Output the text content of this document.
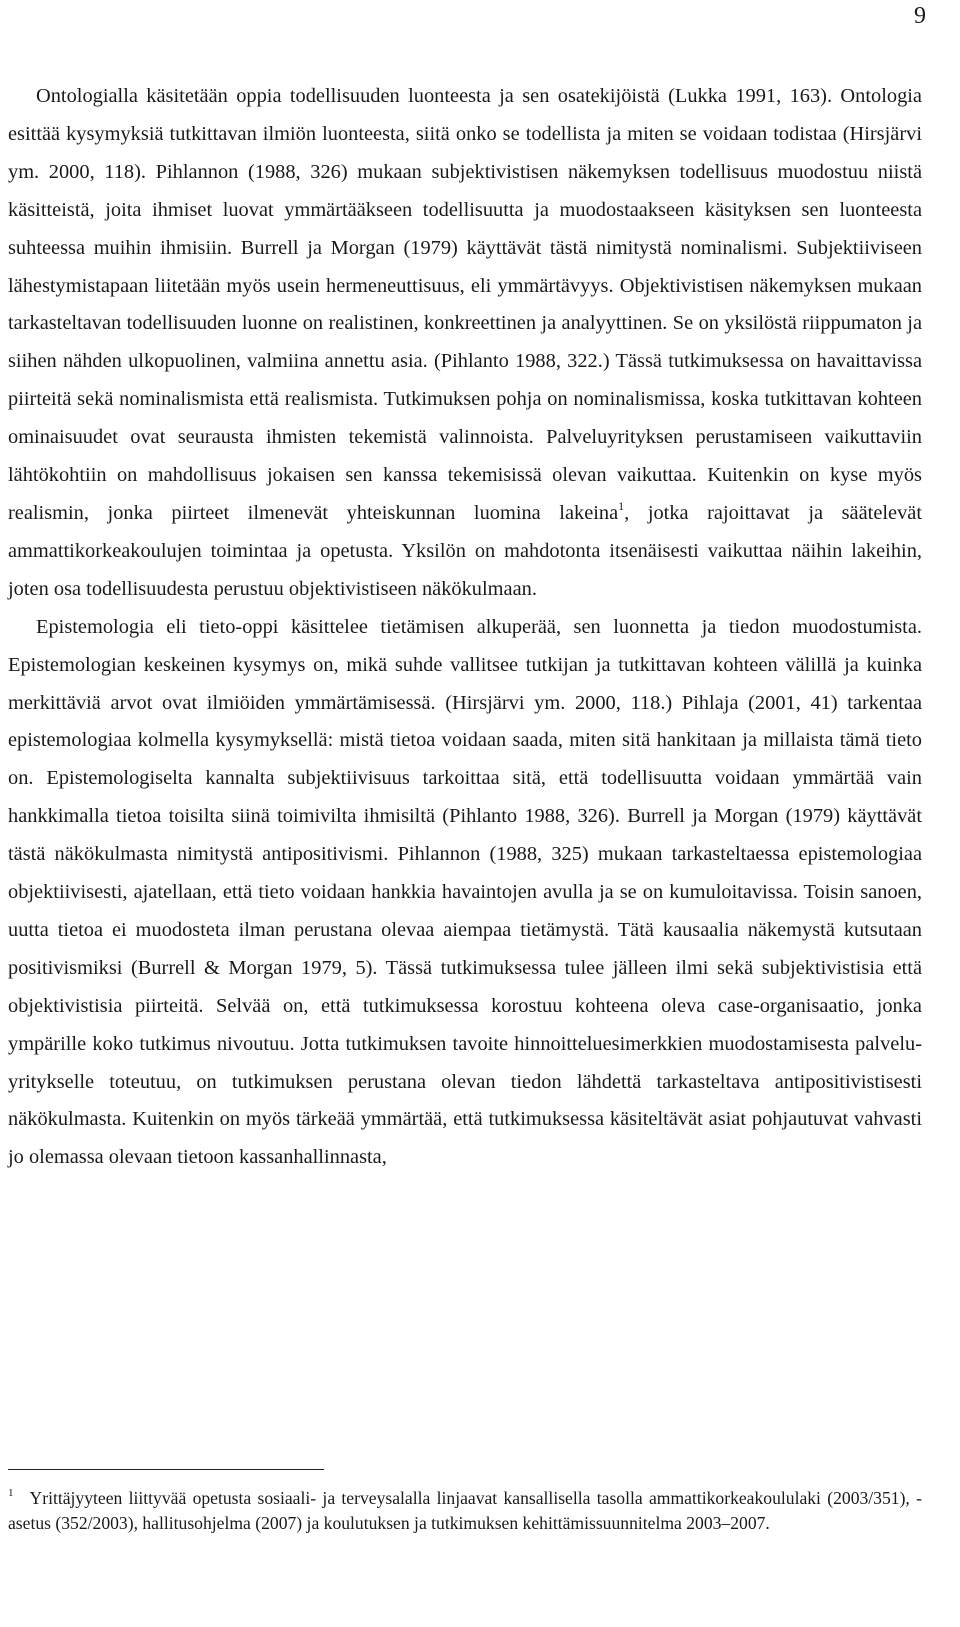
9

Ontologialla käsitetään oppia todellisuuden luonteesta ja sen osatekijöistä (Lukka 1991, 163). Ontologia esittää kysymyksiä tutkittavan ilmiön luonteesta, siitä onko se todellista ja miten se voidaan todistaa (Hirsjärvi ym. 2000, 118). Pihlannon (1988, 326) mukaan subjektivistisen näkemyksen todellisuus muodostuu niistä käsitteistä, joita ihmiset luovat ymmärtääkseen todellisuutta ja muodostaakseen käsityksen sen luonteesta suhteessa muihin ihmisiin. Burrell ja Morgan (1979) käyttävät tästä nimitystä nominalismi. Subjektiiviseen lähestymistapaan liitetään myös usein hermeneuttisuus, eli ymmärtävyys. Objektivistisen näkemyksen mukaan tarkasteltavan todellisuuden luonne on realistinen, konkreettinen ja analyyttinen. Se on yksilöstä riippumaton ja siihen nähden ulkopuolinen, valmiina annettu asia. (Pihlanto 1988, 322.) Tässä tutkimuksessa on havaittavissa piirteitä sekä nominalismista että realismista. Tutkimuksen pohja on nominalismissa, koska tutkittavan kohteen ominaisuudet ovat seurausta ihmisten tekemistä valinnoista. Palveluyrityksen perustamiseen vaikuttaviin lähtökohtiin on mahdollisuus jokaisen sen kanssa tekemisissä olevan vaikuttaa. Kuitenkin on kyse myös realismin, jonka piirteet ilmenevät yhteiskunnan luomina lakeina$^1$, jotka rajoittavat ja säätelevät ammattikorkeakoulujen toimintaa ja opetusta. Yksilön on mahdotonta itsenäisesti vaikuttaa näihin lakeihin, joten osa todellisuudesta perustuu objektivistiseen näkökulmaan.

Epistemologia eli tieto-oppi käsittelee tietämisen alkuperää, sen luonnetta ja tiedon muodostumista. Epistemologian keskeinen kysymys on, mikä suhde vallitsee tutkijan ja tutkittavan kohteen välillä ja kuinka merkittäviä arvot ovat ilmiöiden ymmärtämisessä. (Hirsjärvi ym. 2000, 118.) Pihlaja (2001, 41) tarkentaa epistemologiaa kolmella kysymyksellä: mistä tietoa voidaan saada, miten sitä hankitaan ja millaista tämä tieto on. Epistemologiselta kannalta subjektiivisuus tarkoittaa sitä, että todellisuutta voidaan ymmärtää vain hankkimalla tietoa toisilta siinä toimivilta ihmisiltä (Pihlanto 1988, 326). Burrell ja Morgan (1979) käyttävät tästä näkökulmasta nimitystä antipositivismi. Pihlannon (1988, 325) mukaan tarkasteltaessa epistemologiaa objektiivisesti, ajatellaan, että tieto voidaan hankkia havaintojen avulla ja se on kumuloitavissa. Toisin sanoen, uutta tietoa ei muodosteta ilman perustana olevaa aiempaa tietämystä. Tätä kausaalia näkemystä kutsutaan positivismiksi (Burrell & Morgan 1979, 5). Tässä tutkimuksessa tulee jälleen ilmi sekä subjektivistisia että objektivistisia piirteitä. Selvää on, että tutkimuksessa korostuu kohteena oleva case-organisaatio, jonka ympärille koko tutkimus nivoutuu. Jotta tutkimuksen tavoite hinnoitteluesimerkkien muodostamisesta palveluyritykselle toteutuu, on tutkimuksen perustana olevan tiedon lähdettä tarkasteltava antipositivistisesti näkökulmasta. Kuitenkin on myös tärkeää ymmärtää, että tutkimuksessa käsiteltävät asiat pohjautuvat vahvasti jo olemassa olevaan tietoon kassanhallinnasta,

$^1$ Yrittäjyyteen liittyvää opetusta sosiaali- ja terveysalalla linjaavat kansallisella tasolla ammattikorkeakoululaki (2003/351), -asetus (352/2003), hallitusohjelma (2007) ja koulutuksen ja tutkimuksen kehittämissuunnitelma 2003–2007.
